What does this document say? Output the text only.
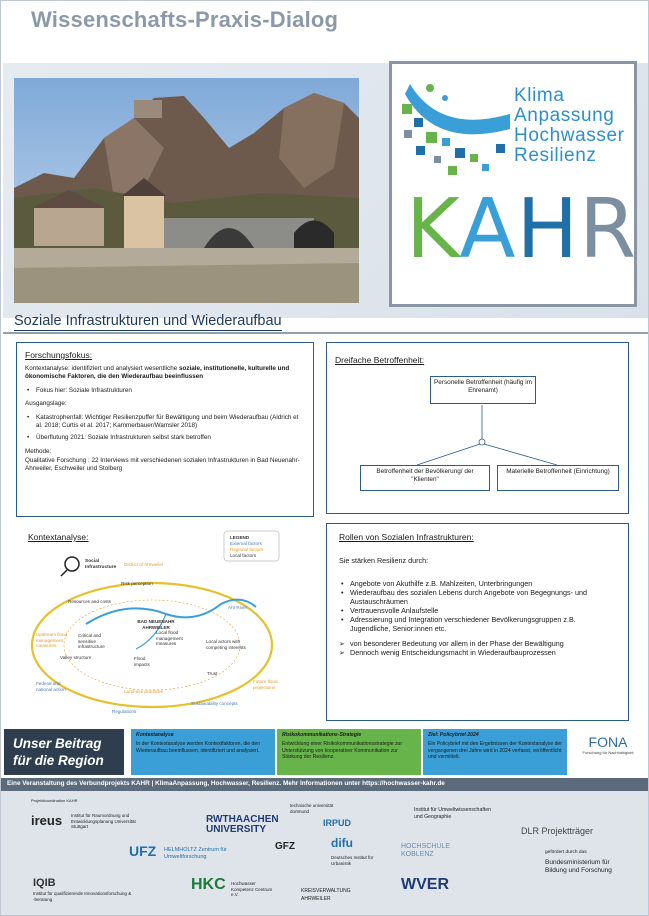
Wissenschafts-Praxis-Dialog
Klima
Anpassung
Hochwasser
Resilienz
KAHR
Soziale Infrastrukturen und Wiederaufbau
Forschungsfokus:

Kontextanalyse: identifiziert und analysiert wesentliche soziale, institutionelle, kulturelle und ökonomische Faktoren, die den Wiederaufbau beeinflussen

• Fokus hier: Soziale Infrastrukturen

Ausgangslage:

• Katastrophenfall: Wichtiger Resilienzpuffer für Bewältigung und beim Wiederaufbau (Aldrich et al. 2018; Curtis et al. 2017; Kammerbauer/Wamsler 2018)
• Überflutung 2021: Soziale Infrastrukturen selbst stark betroffen

Methode:

Qualitative Forschung : 22 Interviews mit verschiedenen sozialen Infrastrukturen in Bad Neuenahr-Ahrweiler, Eschweiler und Stolberg

Dreifache Betroffenheit:
Personelle Betroffenheit (häufig im Ehrenamt)
Betroffenheit der Bevölkerung/ der "Klienten"
Materielle Betroffenheit (Einrichtung)
Kontextanalyse:
Social Infrastructure District of Ahrweiler
LEGEND
External factors
Regional factors
Local factors
Risk perception
Resources and costs
BAD NEUENAHR AHRWEILER
Ahr River
Upstream flood management measures
Critical and sensitive infrastructure
Local flood management measures	Local actors with competing interests
Valley structure	Flood impacts
Trust
Federal and national action	Land-use practices
Future flood projections
Regulations
Sustainability concepts
Rollen von Sozialen Infrastrukturen:

Sie stärken Resilienz durch:

• Angebote von Akuthilfe z.B. Mahlzeiten, Unterbringungen
• Wiederaufbau des sozialen Lebens durch Angebote von Begegnungs- und Austauschräumen
• Vertrauensvolle Anlaufstelle
• Adressierung und Integration verschiedener Bevölkerungsgruppen z.B. Jugendliche, Senior:innen etc.
➢ von besonderer Bedeutung vor allem in der Phase der Bewältigung
➢ Dennoch wenig Entscheidungsmacht in Wiederaufbauprozessen
Unser Beitrag für die Region
Kontextanalyse
In der Kontextanalyse werden Kontextfaktoren, die den Wiederaufbau beeinflussen, identifiziert und analysiert.
Risikokommunikations-Strategie
Entwicklung einer Risikokommunikationsstrategie zur Unterstützung von kooperativer Kommunikation zur Stärkung der Resilienz.
Ziel: Policybrief 2024
Ein Policybrief mit den Ergebnissen der Kontextanalyse der vergangenen drei Jahre wird in 2024 verfasst, veröffentlicht und vermittelt.
FONA
Forschung für Nachhaltigkeit
Eine Veranstaltung des Verbundprojekts KAHR | KlimaAnpassung, Hochwasser, Resilienz. Mehr Informationen unter https://hochwasser-kahr.de
Projektkoordination KAHR
ireus Institut für Raumordnung und Entwicklungsplanung Universität Stuttgart
RWTHAACHEN UNIVERSITY
technische universität dortmund
IRPUD
Institut für Umweltwissenschaften und Geographie
DLR Projektträger
UFZ HELMHOLTZ Zentrum für Umweltforschung
GFZ	difu
Deutsches Institut für Urbanistik
HOCHSCHULE KOBLENZ	gefördert durch das
Bundesministerium für Bildung und Forschung
IQIB
Institut für qualifizierende Innovationsforschung & -beratung
HKC Hochwasser Kompetenz Centrum e.V.
KREISVERWALTUNG AHRWEILER
WVER
